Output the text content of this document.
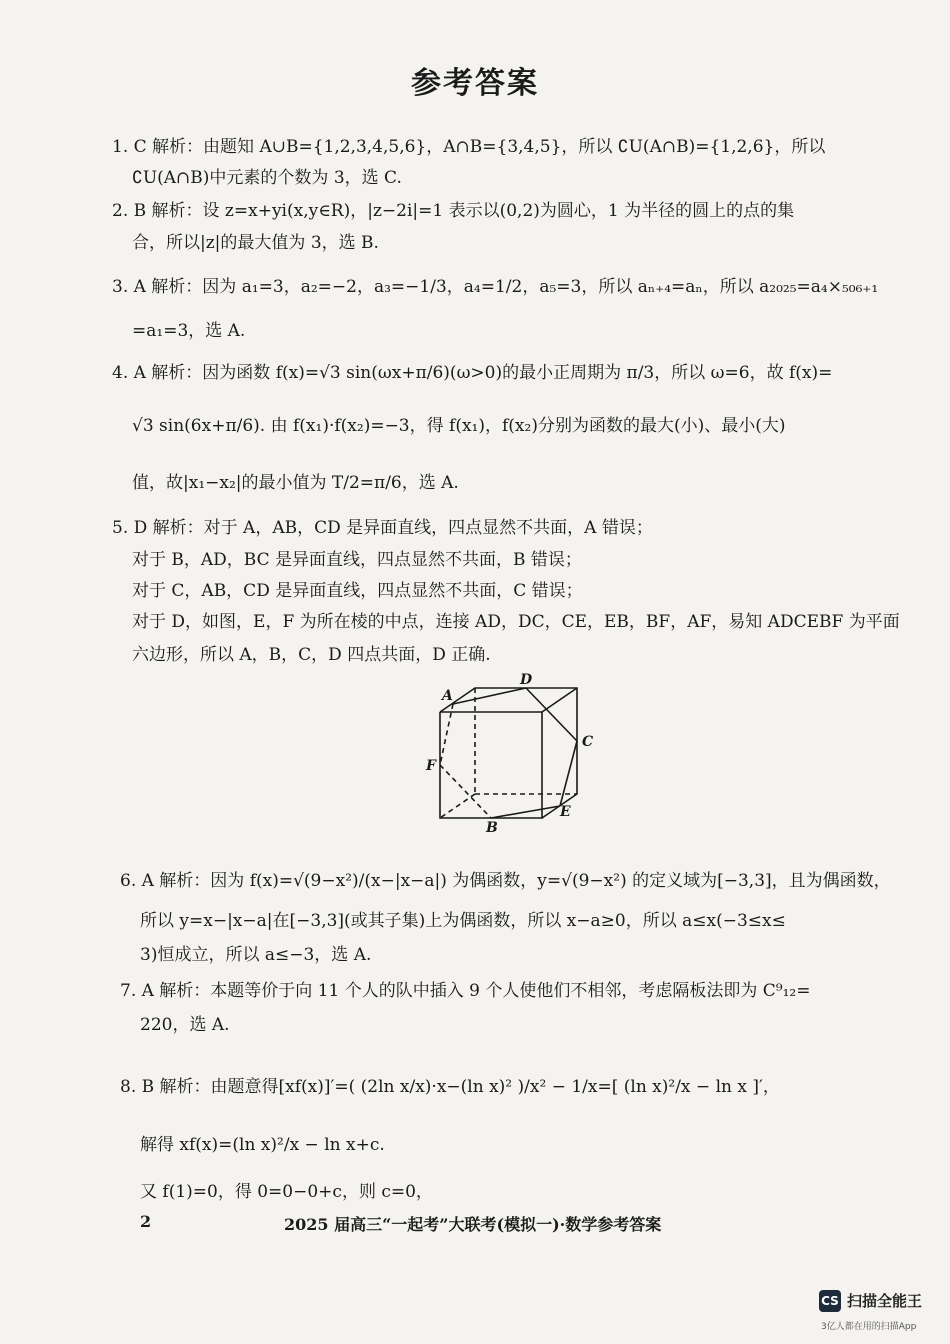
参考答案
1. C 解析：由题知 A∪B={1,2,3,4,5,6}，A∩B={3,4,5}，所以 ∁U(A∩B)={1,2,6}，所以
∁U(A∩B)中元素的个数为 3，选 C.
2. B 解析：设 z=x+yi(x,y∈R)，|z−2i|=1 表示以(0,2)为圆心，1 为半径的圆上的点的集
合，所以|z|的最大值为 3，选 B.
3. A 解析：因为 a₁=3，a₂=−2，a₃=−1/3，a₄=1/2，a₅=3，所以 aₙ₊₄=aₙ，所以 a₂₀₂₅=a₄×₅₀₆₊₁
=a₁=3，选 A.
4. A 解析：因为函数 f(x)=√3 sin(ωx+π/6)(ω>0)的最小正周期为 π/3，所以 ω=6，故 f(x)=
√3 sin(6x+π/6). 由 f(x₁)·f(x₂)=−3，得 f(x₁)，f(x₂)分别为函数的最大(小)、最小(大)
值，故|x₁−x₂|的最小值为 T/2=π/6，选 A.
5. D 解析：对于 A，AB，CD 是异面直线，四点显然不共面，A 错误；
对于 B，AD，BC 是异面直线，四点显然不共面，B 错误；
对于 C，AB，CD 是异面直线，四点显然不共面，C 错误；
对于 D，如图，E，F 为所在棱的中点，连接 AD，DC，CE，EB，BF，AF，易知 ADCEBF 为平面
六边形，所以 A，B，C，D 四点共面，D 正确.
A
D
C
F
E
B
6. A 解析：因为 f(x)=√(9−x²)/(x−|x−a|) 为偶函数，y=√(9−x²) 的定义域为[−3,3]，且为偶函数，
所以 y=x−|x−a|在[−3,3](或其子集)上为偶函数，所以 x−a≥0，所以 a≤x(−3≤x≤
3)恒成立，所以 a≤−3，选 A.
7. A 解析：本题等价于向 11 个人的队中插入 9 个人使他们不相邻，考虑隔板法即为 C⁹₁₂=
220，选 A.
8. B 解析：由题意得[xf(x)]′=( (2ln x/x)·x−(ln x)² )/x² − 1/x=[ (ln x)²/x − ln x ]′，
解得 xf(x)=(ln x)²/x − ln x+c.
又 f(1)=0，得 0=0−0+c，则 c=0，
2	2025 届高三“一起考”大联考(模拟一)·数学参考答案
CS 扫描全能王
3亿人都在用的扫描App
